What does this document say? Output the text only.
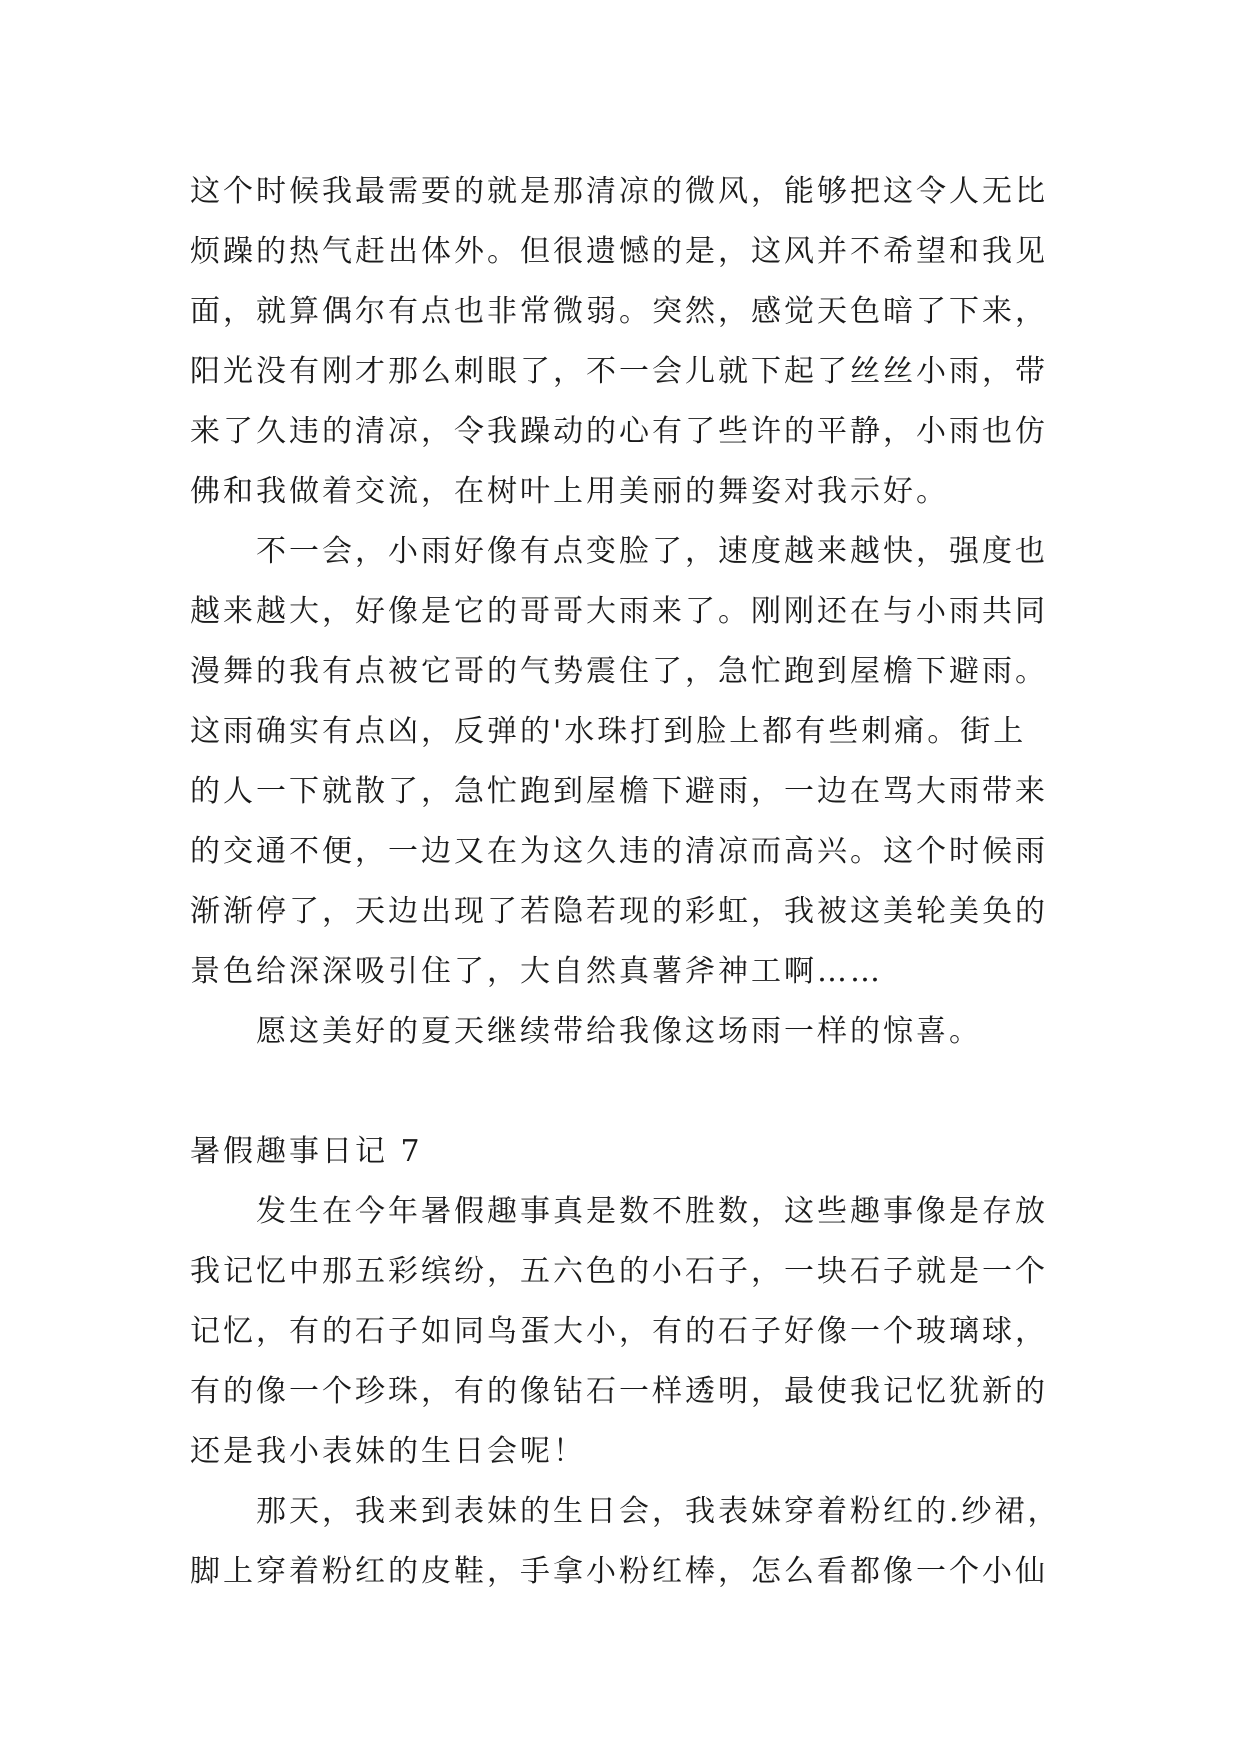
这个时候我最需要的就是那清凉的微风，能够把这令人无比
烦躁的热气赶出体外。但很遗憾的是，这风并不希望和我见
面，就算偶尔有点也非常微弱。突然，感觉天色暗了下来，
阳光没有刚才那么刺眼了，不一会儿就下起了丝丝小雨，带
来了久违的清凉，令我躁动的心有了些许的平静，小雨也仿
佛和我做着交流，在树叶上用美丽的舞姿对我示好。
不一会，小雨好像有点变脸了，速度越来越快，强度也
越来越大，好像是它的哥哥大雨来了。刚刚还在与小雨共同
漫舞的我有点被它哥的气势震住了，急忙跑到屋檐下避雨。
这雨确实有点凶，反弹的'水珠打到脸上都有些刺痛。街上
的人一下就散了，急忙跑到屋檐下避雨，一边在骂大雨带来
的交通不便，一边又在为这久违的清凉而高兴。这个时候雨
渐渐停了，天边出现了若隐若现的彩虹，我被这美轮美奂的
景色给深深吸引住了，大自然真薯斧神工啊……
愿这美好的夏天继续带给我像这场雨一样的惊喜。
暑假趣事日记 7
发生在今年暑假趣事真是数不胜数，这些趣事像是存放
我记忆中那五彩缤纷，五六色的小石子，一块石子就是一个
记忆，有的石子如同鸟蛋大小，有的石子好像一个玻璃球，
有的像一个珍珠，有的像钻石一样透明，最使我记忆犹新的
还是我小表妹的生日会呢！
那天，我来到表妹的生日会，我表妹穿着粉红的.纱裙，
脚上穿着粉红的皮鞋，手拿小粉红棒，怎么看都像一个小仙
